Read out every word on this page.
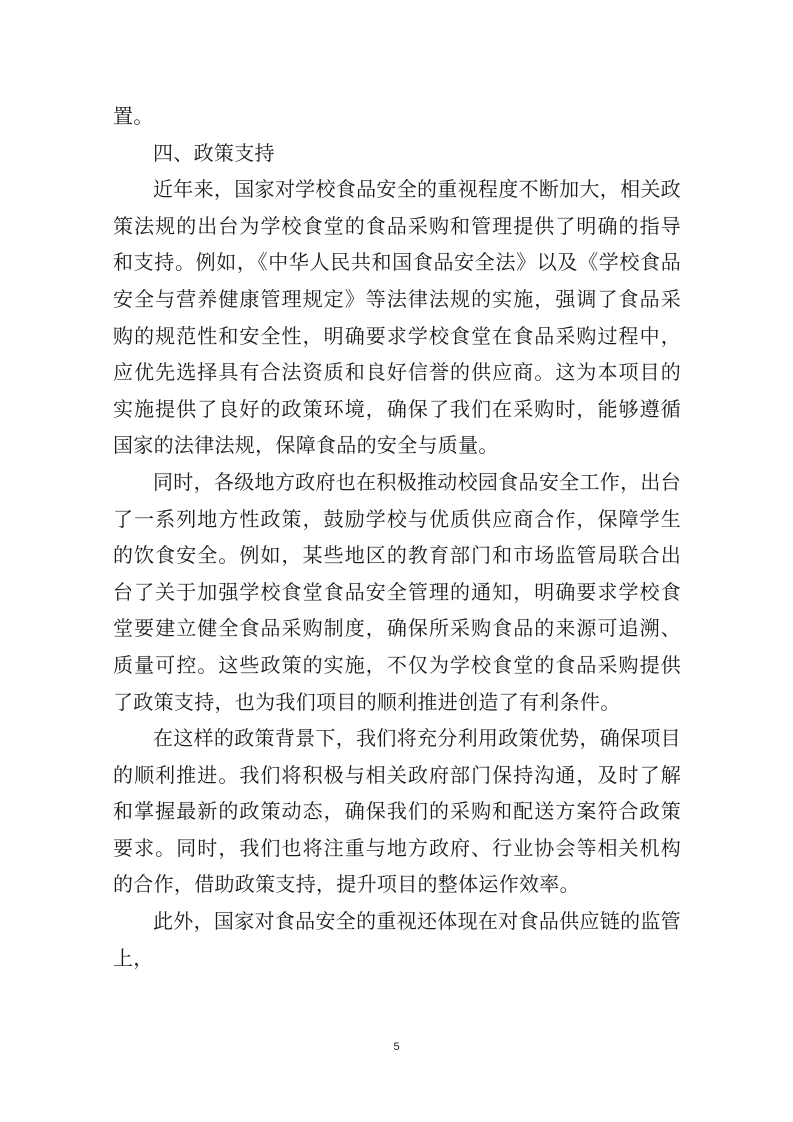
置。

四、政策支持

近年来，国家对学校食品安全的重视程度不断加大，相关政策法规的出台为学校食堂的食品采购和管理提供了明确的指导和支持。例如，《中华人民共和国食品安全法》以及《学校食品安全与营养健康管理规定》等法律法规的实施，强调了食品采购的规范性和安全性，明确要求学校食堂在食品采购过程中，应优先选择具有合法资质和良好信誉的供应商。这为本项目的实施提供了良好的政策环境，确保了我们在采购时，能够遵循国家的法律法规，保障食品的安全与质量。

同时，各级地方政府也在积极推动校园食品安全工作，出台了一系列地方性政策，鼓励学校与优质供应商合作，保障学生的饮食安全。例如，某些地区的教育部门和市场监管局联合出台了关于加强学校食堂食品安全管理的通知，明确要求学校食堂要建立健全食品采购制度，确保所采购食品的来源可追溯、质量可控。这些政策的实施，不仅为学校食堂的食品采购提供了政策支持，也为我们项目的顺利推进创造了有利条件。

在这样的政策背景下，我们将充分利用政策优势，确保项目的顺利推进。我们将积极与相关政府部门保持沟通，及时了解和掌握最新的政策动态，确保我们的采购和配送方案符合政策要求。同时，我们也将注重与地方政府、行业协会等相关机构的合作，借助政策支持，提升项目的整体运作效率。

此外，国家对食品安全的重视还体现在对食品供应链的监管上，

5
